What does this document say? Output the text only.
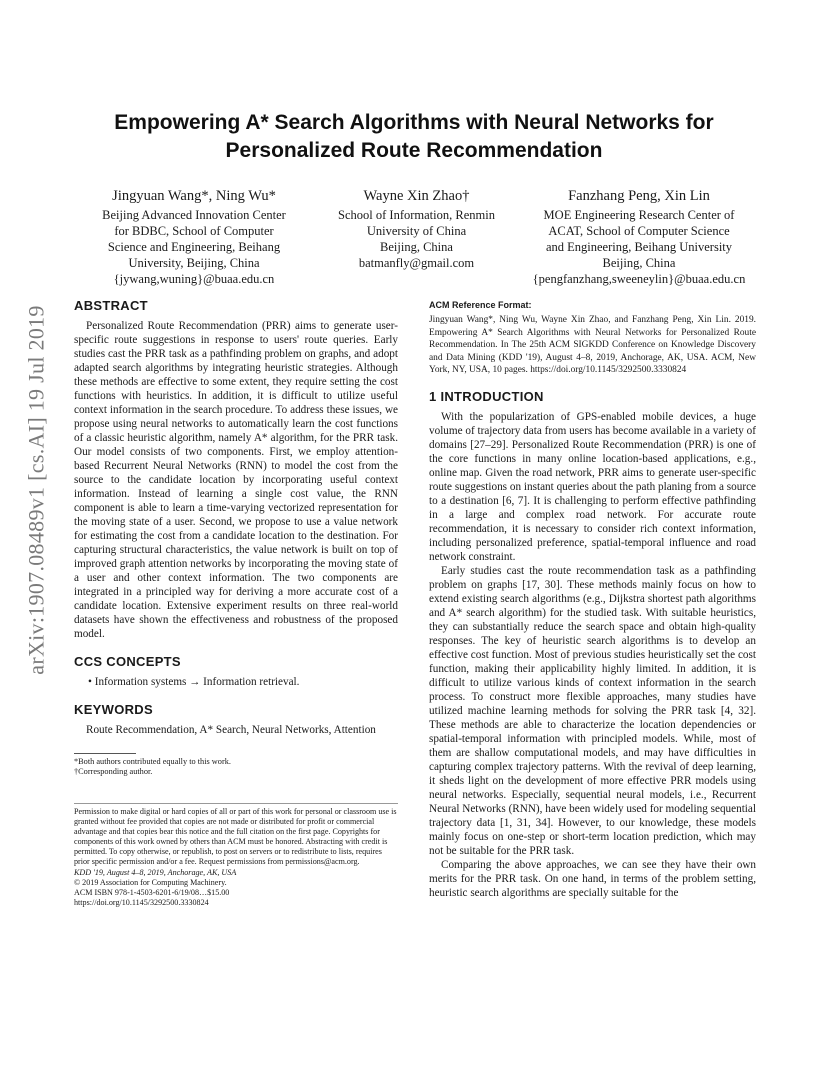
arXiv:1907.08489v1 [cs.AI] 19 Jul 2019
Empowering A* Search Algorithms with Neural Networks for
Personalized Route Recommendation
Jingyuan Wang*, Ning Wu*
Beijing Advanced Innovation Center
for BDBC, School of Computer
Science and Engineering, Beihang
University, Beijing, China
{jywang,wuning}@buaa.edu.cn
Wayne Xin Zhao†
School of Information, Renmin
University of China
Beijing, China
batmanfly@gmail.com
Fanzhang Peng, Xin Lin
MOE Engineering Research Center of
ACAT, School of Computer Science
and Engineering, Beihang University
Beijing, China
{pengfanzhang,sweeneylin}@buaa.edu.cn
ABSTRACT

Personalized Route Recommendation (PRR) aims to generate user-specific route suggestions in response to users' route queries. Early studies cast the PRR task as a pathfinding problem on graphs, and adopt adapted search algorithms by integrating heuristic strategies. Although these methods are effective to some extent, they require setting the cost functions with heuristics. In addition, it is difficult to utilize useful context information in the search procedure. To address these issues, we propose using neural networks to automatically learn the cost functions of a classic heuristic algorithm, namely A* algorithm, for the PRR task. Our model consists of two components. First, we employ attention-based Recurrent Neural Networks (RNN) to model the cost from the source to the candidate location by incorporating useful context information. Instead of learning a single cost value, the RNN component is able to learn a time-varying vectorized representation for the moving state of a user. Second, we propose to use a value network for estimating the cost from a candidate location to the destination. For capturing structural characteristics, the value network is built on top of improved graph attention networks by incorporating the moving state of a user and other context information. The two components are integrated in a principled way for deriving a more accurate cost of a candidate location. Extensive experiment results on three real-world datasets have shown the effectiveness and robustness of the proposed model.

CCS CONCEPTS

• Information systems → Information retrieval.

KEYWORDS

Route Recommendation, A* Search, Neural Networks, Attention

*Both authors contributed equally to this work.
†Corresponding author.
Permission to make digital or hard copies of all or part of this work for personal or classroom use is granted without fee provided that copies are not made or distributed for profit or commercial advantage and that copies bear this notice and the full citation on the first page. Copyrights for components of this work owned by others than ACM must be honored. Abstracting with credit is permitted. To copy otherwise, or republish, to post on servers or to redistribute to lists, requires prior specific permission and/or a fee. Request permissions from permissions@acm.org.
KDD '19, August 4–8, 2019, Anchorage, AK, USA
© 2019 Association for Computing Machinery.
ACM ISBN 978-1-4503-6201-6/19/08…$15.00
https://doi.org/10.1145/3292500.3330824
ACM Reference Format:

Jingyuan Wang*, Ning Wu, Wayne Xin Zhao, and Fanzhang Peng, Xin Lin. 2019. Empowering A* Search Algorithms with Neural Networks for Personalized Route Recommendation. In The 25th ACM SIGKDD Conference on Knowledge Discovery and Data Mining (KDD '19), August 4–8, 2019, Anchorage, AK, USA. ACM, New York, NY, USA, 10 pages. https://doi.org/10.1145/3292500.3330824

1 INTRODUCTION

With the popularization of GPS-enabled mobile devices, a huge volume of trajectory data from users has become available in a variety of domains [27–29]. Personalized Route Recommendation (PRR) is one of the core functions in many online location-based applications, e.g., online map. Given the road network, PRR aims to generate user-specific route suggestions on instant queries about the path planing from a source to a destination [6, 7]. It is challenging to perform effective pathfinding in a large and complex road network. For accurate route recommendation, it is necessary to consider rich context information, including personalized preference, spatial-temporal influence and road network constraint.

Early studies cast the route recommendation task as a pathfinding problem on graphs [17, 30]. These methods mainly focus on how to extend existing search algorithms (e.g., Dijkstra shortest path algorithms and A* search algorithm) for the studied task. With suitable heuristics, they can substantially reduce the search space and obtain high-quality responses. The key of heuristic search algorithms is to develop an effective cost function. Most of previous studies heuristically set the cost function, making their applicability highly limited. In addition, it is difficult to utilize various kinds of context information in the search process. To construct more flexible approaches, many studies have utilized machine learning methods for solving the PRR task [4, 32]. These methods are able to characterize the location dependencies or spatial-temporal information with principled models. While, most of them are shallow computational models, and may have difficulties in capturing complex trajectory patterns. With the revival of deep learning, it sheds light on the development of more effective PRR models using neural networks. Especially, sequential neural models, i.e., Recurrent Neural Networks (RNN), have been widely used for modeling sequential trajectory data [1, 31, 34]. However, to our knowledge, these models mainly focus on one-step or short-term location prediction, which may not be suitable for the PRR task.

Comparing the above approaches, we can see they have their own merits for the PRR task. On one hand, in terms of the problem setting, heuristic search algorithms are specially suitable for the
